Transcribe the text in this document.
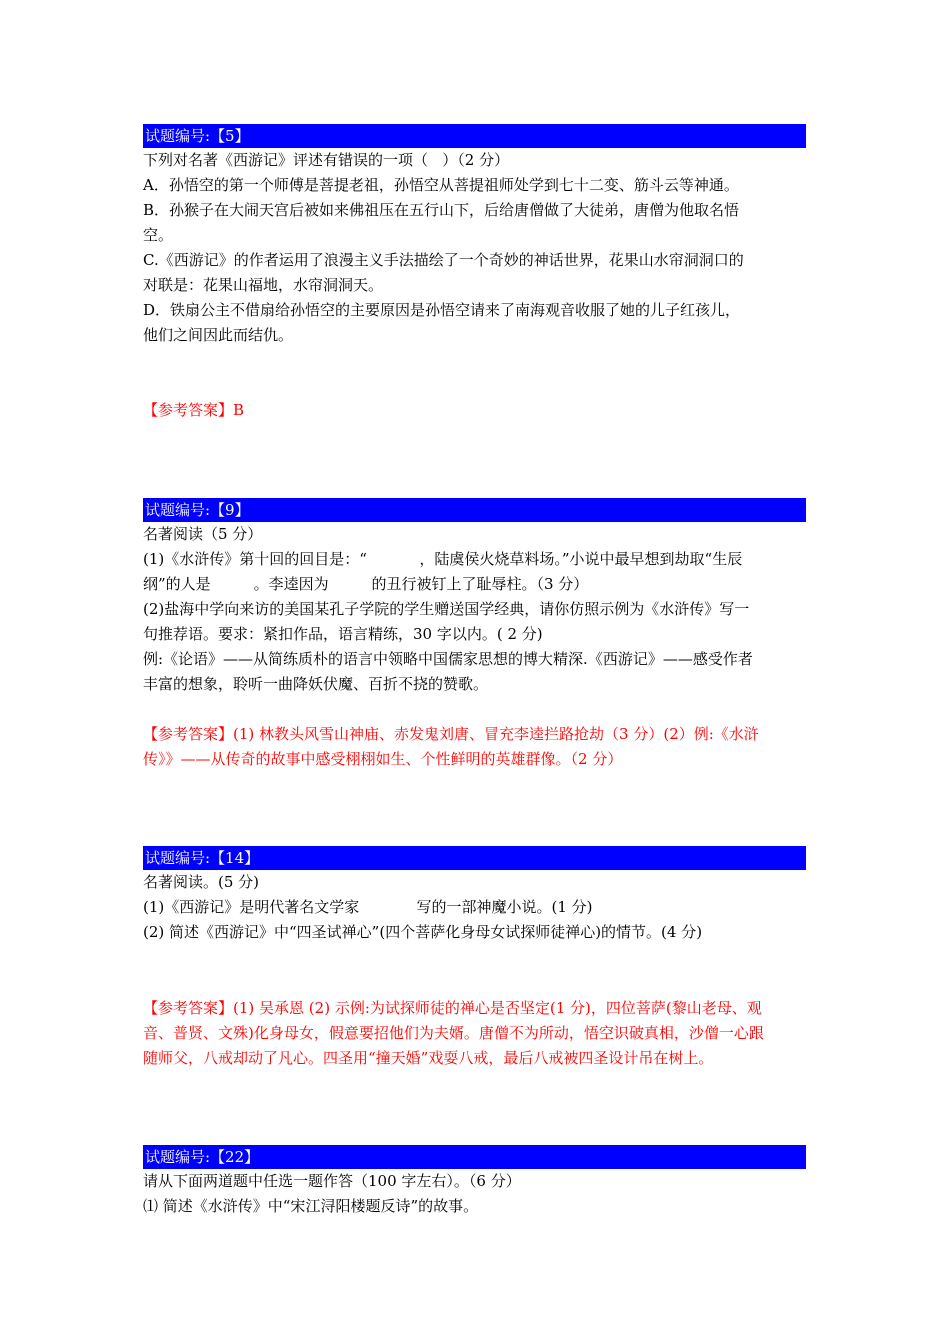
试题编号:【5】
下列对名著《西游记》评述有错误的一项（   ）（2 分）
A．孙悟空的第一个师傅是菩提老祖，孙悟空从菩提祖师处学到七十二变、筋斗云等神通。
B．孙猴子在大闹天宫后被如来佛祖压在五行山下，后给唐僧做了大徒弟，唐僧为他取名悟
空。
C.《西游记》的作者运用了浪漫主义手法描绘了一个奇妙的神话世界，花果山水帘洞洞口的
对联是：花果山福地，水帘洞洞天。
D．铁扇公主不借扇给孙悟空的主要原因是孙悟空请来了南海观音收服了她的儿子红孩儿，
他们之间因此而结仇。
【参考答案】B
试题编号:【9】
名著阅读（5 分）
(1)《水浒传》第十回的回目是：“           ，陆虞侯火烧草料场。”小说中最早想到劫取“生辰
纲”的人是         。李逵因为         的丑行被钉上了耻辱柱。（3 分）
(2)盐海中学向来访的美国某孔子学院的学生赠送国学经典，请你仿照示例为《水浒传》写一
句推荐语。要求：紧扣作品，语言精练，30 字以内。( 2 分)
例:《论语》——从简练质朴的语言中领略中国儒家思想的博大精深.《西游记》——感受作者
丰富的想象，聆听一曲降妖伏魔、百折不挠的赞歌。
【参考答案】(1) 林教头风雪山神庙、赤发鬼刘唐、冒充李逵拦路抢劫（3 分）(2）例:《水浒
传》》——从传奇的故事中感受栩栩如生、个性鲜明的英雄群像。（2 分）
试题编号:【14】
名著阅读。(5 分)
(1)《西游记》是明代著名文学家            写的一部神魔小说。(1 分)
(2) 简述《西游记》中“四圣试禅心”(四个菩萨化身母女试探师徒禅心)的情节。(4 分)
【参考答案】(1) 吴承恩 (2) 示例:为试探师徒的禅心是否坚定(1 分)，四位菩萨(黎山老母、观
音、普贤、文殊)化身母女，假意要招他们为夫婿。唐僧不为所动，悟空识破真相，沙僧一心跟
随师父，八戒却动了凡心。四圣用“撞天婚”戏耍八戒，最后八戒被四圣设计吊在树上。
试题编号:【22】
请从下面两道题中任选一题作答（100 字左右）。（6 分）
⑴ 简述《水浒传》中“宋江浔阳楼题反诗”的故事。
